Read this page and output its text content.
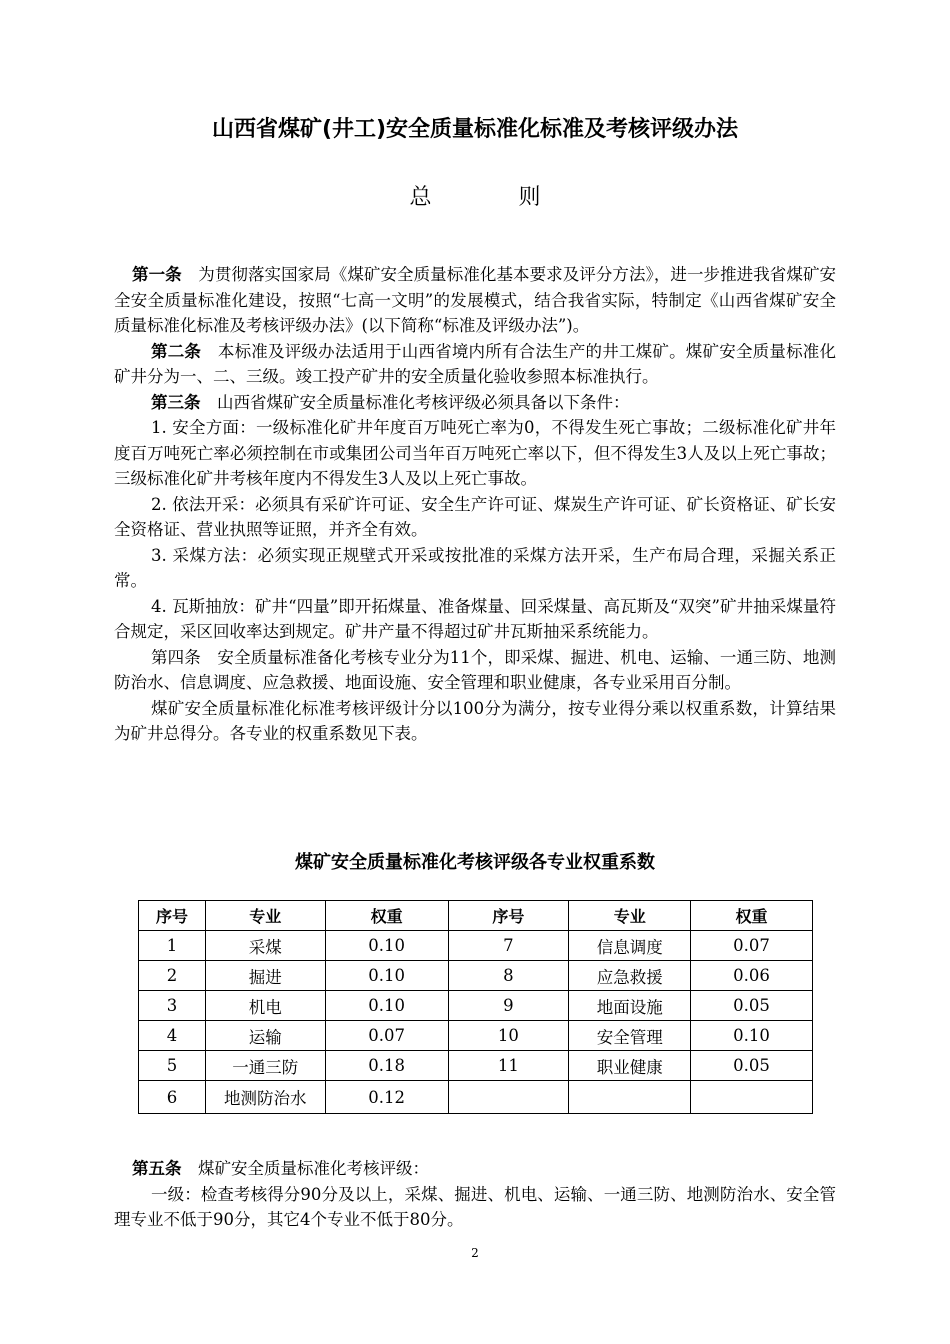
山西省煤矿(井工)安全质量标准化标准及考核评级办法
总 则

第一条　为贯彻落实国家局《煤矿安全质量标准化基本要求及评分方法》，进一步推进我省煤矿安全安全质量标准化建设，按照“七高一文明”的发展模式，结合我省实际，特制定《山西省煤矿安全质量标准化标准及考核评级办法》(以下简称“标准及评级办法”)。

第二条　本标准及评级办法适用于山西省境内所有合法生产的井工煤矿。煤矿安全质量标准化矿井分为一、二、三级。竣工投产矿井的安全质量化验收参照本标准执行。

第三条　山西省煤矿安全质量标准化考核评级必须具备以下条件：

1. 安全方面：一级标准化矿井年度百万吨死亡率为0，不得发生死亡事故；二级标准化矿井年度百万吨死亡率必须控制在市或集团公司当年百万吨死亡率以下，但不得发生3人及以上死亡事故；三级标准化矿井考核年度内不得发生3人及以上死亡事故。

2. 依法开采：必须具有采矿许可证、安全生产许可证、煤炭生产许可证、矿长资格证、矿长安全资格证、营业执照等证照，并齐全有效。

3. 采煤方法：必须实现正规壁式开采或按批准的采煤方法开采，生产布局合理，采掘关系正常。

4. 瓦斯抽放：矿井“四量”即开拓煤量、准备煤量、回采煤量、高瓦斯及“双突”矿井抽采煤量符合规定，采区回收率达到规定。矿井产量不得超过矿井瓦斯抽采系统能力。

第四条　安全质量标准备化考核专业分为11个，即采煤、掘进、机电、运输、一通三防、地测防治水、信息调度、应急救援、地面设施、安全管理和职业健康，各专业采用百分制。

煤矿安全质量标准化标准考核评级计分以100分为满分，按专业得分乘以权重系数，计算结果为矿井总得分。各专业的权重系数见下表。

煤矿安全质量标准化考核评级各专业权重系数
序号	专业	权重	序号	专业	权重
1	采煤	0.10	7	信息调度	0.07
2	掘进	0.10	8	应急救援	0.06
3	机电	0.10	9	地面设施	0.05
4	运输	0.07	10	安全管理	0.10
5	一通三防	0.18	11	职业健康	0.05
6	地测防治水	0.12			

第五条　煤矿安全质量标准化考核评级：

一级：检查考核得分90分及以上，采煤、掘进、机电、运输、一通三防、地测防治水、安全管理专业不低于90分，其它4个专业不低于80分。

2
